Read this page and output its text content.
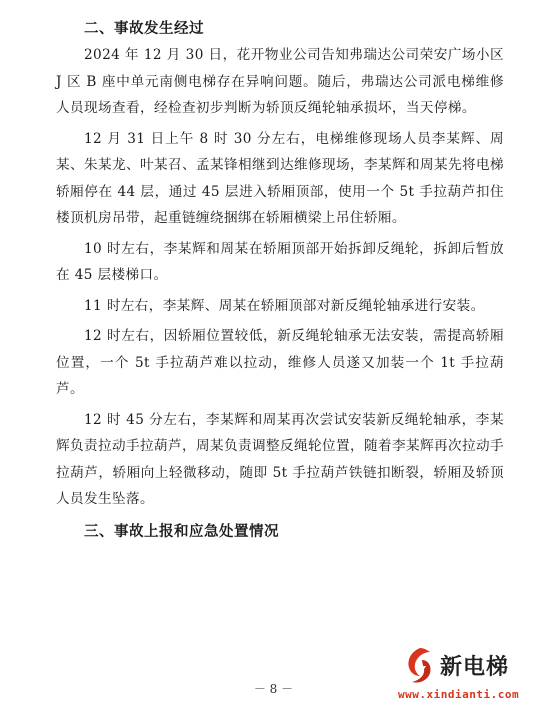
二、事故发生经过

2024 年 12 月 30 日，花开物业公司告知弗瑞达公司荣安广场小区 J 区 B 座中单元南侧电梯存在异响问题。随后，弗瑞达公司派电梯维修人员现场查看，经检查初步判断为轿顶反绳轮轴承损坏，当天停梯。

12 月 31 日上午 8 时 30 分左右，电梯维修现场人员李某辉、周某、朱某龙、叶某召、孟某锋相继到达维修现场，李某辉和周某先将电梯轿厢停在 44 层，通过 45 层进入轿厢顶部，使用一个 5t 手拉葫芦扣住楼顶机房吊带，起重链缠绕捆绑在轿厢横梁上吊住轿厢。

10 时左右，李某辉和周某在轿厢顶部开始拆卸反绳轮，拆卸后暂放在 45 层楼梯口。

11 时左右，李某辉、周某在轿厢顶部对新反绳轮轴承进行安装。

12 时左右，因轿厢位置较低，新反绳轮轴承无法安装，需提高轿厢位置，一个 5t 手拉葫芦难以拉动，维修人员遂又加装一个 1t 手拉葫芦。

12 时 45 分左右，李某辉和周某再次尝试安装新反绳轮轴承，李某辉负责拉动手拉葫芦，周某负责调整反绳轮位置，随着李某辉再次拉动手拉葫芦，轿厢向上轻微移动，随即 5t 手拉葫芦铁链扣断裂，轿厢及轿顶人员发生坠落。

三、事故上报和应急处置情况

－ 8 －
新电梯
www.xindianti.com
